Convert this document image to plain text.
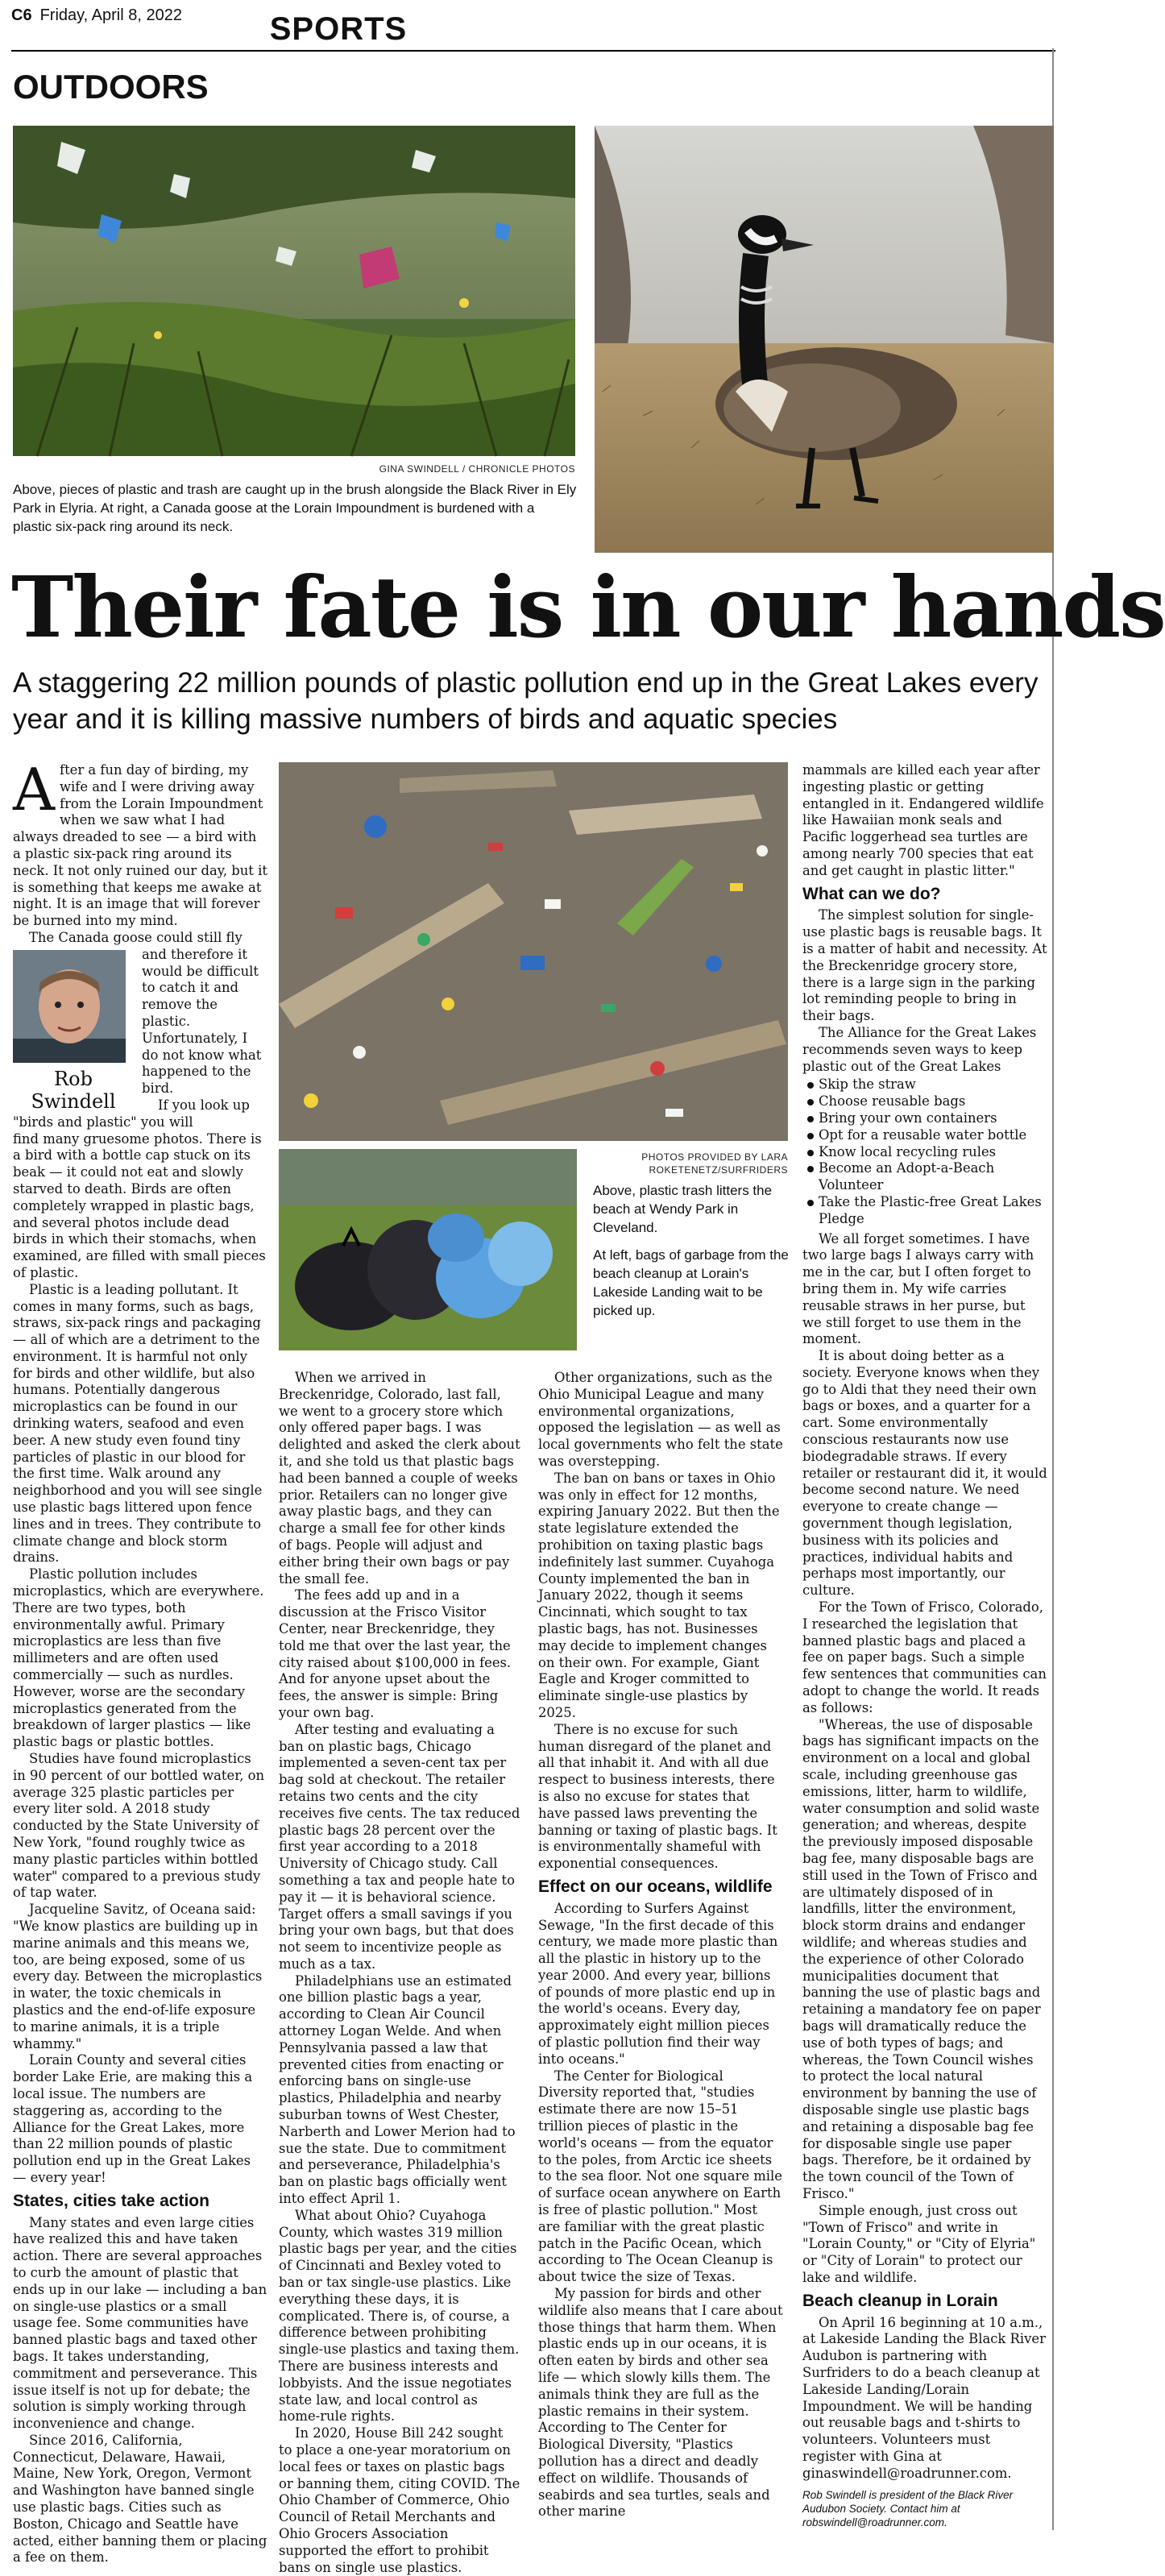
C6 Friday, April 8, 2022	SPORTS
OUTDOORS
GINA SWINDELL / CHRONICLE PHOTOS
Above, pieces of plastic and trash are caught up in the brush alongside the Black River in Ely Park in Elyria. At right, a Canada goose at the Lorain Impoundment is burdened with a plastic six-pack ring around its neck.
Their fate is in our hands
A staggering 22 million pounds of plastic pollution end up in the Great Lakes every year and it is killing massive numbers of birds and aquatic species
PHOTOS PROVIDED BY LARA ROKETENETZ/SURFRIDERS
Above, plastic trash litters the beach at Wendy Park in Cleveland.
At left, bags of garbage from the beach cleanup at Lorain's Lakeside Landing wait to be picked up.

After a fun day of birding, my wife and I were driving away from the Lorain Impoundment when we saw what I had always dreaded to see — a bird with a plastic six-pack ring around its neck. It not only ruined our day, but it is something that keeps me awake at night. It is an image that will forever be burned into my mind.

The Canada goose could still fly

Rob
Swindell

and therefore it would be difficult to catch it and remove the plastic. Unfortunately, I do not know what happened to the bird.

If you look up "birds and plastic" you will

find many gruesome photos. There is a bird with a bottle cap stuck on its beak — it could not eat and slowly starved to death. Birds are often completely wrapped in plastic bags, and several photos include dead birds in which their stomachs, when examined, are filled with small pieces of plastic.

Plastic is a leading pollutant. It comes in many forms, such as bags, straws, six-pack rings and packaging — all of which are a detriment to the environment. It is harmful not only for birds and other wildlife, but also humans. Potentially dangerous microplastics can be found in our drinking waters, seafood and even beer. A new study even found tiny particles of plastic in our blood for the first time. Walk around any neighborhood and you will see single use plastic bags littered upon fence lines and in trees. They contribute to climate change and block storm drains.

Plastic pollution includes microplastics, which are everywhere. There are two types, both environmentally awful. Primary microplastics are less than five millimeters and are often used commercially — such as nurdles. However, worse are the secondary microplastics generated from the breakdown of larger plastics — like plastic bags or plastic bottles.

Studies have found microplastics in 90 percent of our bottled water, on average 325 plastic particles per every liter sold. A 2018 study conducted by the State University of New York, "found roughly twice as many plastic particles within bottled water" compared to a previous study of tap water.

Jacqueline Savitz, of Oceana said: "We know plastics are building up in marine animals and this means we, too, are being exposed, some of us every day. Between the microplastics in water, the toxic chemicals in plastics and the end-of-life exposure to marine animals, it is a triple whammy."

Lorain County and several cities border Lake Erie, are making this a local issue. The numbers are staggering as, according to the Alliance for the Great Lakes, more than 22 million pounds of plastic pollution end up in the Great Lakes — every year!

States, cities take action

Many states and even large cities have realized this and have taken action. There are several approaches to curb the amount of plastic that ends up in our lake — including a ban on single-use plastics or a small usage fee. Some communities have banned plastic bags and taxed other bags. It takes understanding, commitment and perseverance. This issue itself is not up for debate; the solution is simply working through inconvenience and change.

Since 2016, California, Connecticut, Delaware, Hawaii, Maine, New York, Oregon, Vermont and Washington have banned single use plastic bags. Cities such as Boston, Chicago and Seattle have acted, either banning them or placing a fee on them.

When we arrived in Breckenridge, Colorado, last fall, we went to a grocery store which only offered paper bags. I was delighted and asked the clerk about it, and she told us that plastic bags had been banned a couple of weeks prior. Retailers can no longer give away plastic bags, and they can charge a small fee for other kinds of bags. People will adjust and either bring their own bags or pay the small fee.

The fees add up and in a discussion at the Frisco Visitor Center, near Breckenridge, they told me that over the last year, the city raised about $100,000 in fees. And for anyone upset about the fees, the answer is simple: Bring your own bag.

After testing and evaluating a ban on plastic bags, Chicago implemented a seven-cent tax per bag sold at checkout. The retailer retains two cents and the city receives five cents. The tax reduced plastic bags 28 percent over the first year according to a 2018 University of Chicago study. Call something a tax and people hate to pay it — it is behavioral science. Target offers a small savings if you bring your own bags, but that does not seem to incentivize people as much as a tax.

Philadelphians use an estimated one billion plastic bags a year, according to Clean Air Council attorney Logan Welde. And when Pennsylvania passed a law that prevented cities from enacting or enforcing bans on single-use plastics, Philadelphia and nearby suburban towns of West Chester, Narberth and Lower Merion had to sue the state. Due to commitment and perseverance, Philadelphia's ban on plastic bags officially went into effect April 1.

What about Ohio? Cuyahoga County, which wastes 319 million plastic bags per year, and the cities of Cincinnati and Bexley voted to ban or tax single-use plastics. Like everything these days, it is complicated. There is, of course, a difference between prohibiting single-use plastics and taxing them. There are business interests and lobbyists. And the issue negotiates state law, and local control as home-rule rights.

In 2020, House Bill 242 sought to place a one-year moratorium on local fees or taxes on plastic bags or banning them, citing COVID. The Ohio Chamber of Commerce, Ohio Council of Retail Merchants and Ohio Grocers Association supported the effort to prohibit bans on single use plastics.

Other organizations, such as the Ohio Municipal League and many environmental organizations, opposed the legislation — as well as local governments who felt the state was overstepping.

The ban on bans or taxes in Ohio was only in effect for 12 months, expiring January 2022. But then the state legislature extended the prohibition on taxing plastic bags indefinitely last summer. Cuyahoga County implemented the ban in January 2022, though it seems Cincinnati, which sought to tax plastic bags, has not. Businesses may decide to implement changes on their own. For example, Giant Eagle and Kroger committed to eliminate single-use plastics by 2025.

There is no excuse for such human disregard of the planet and all that inhabit it. And with all due respect to business interests, there is also no excuse for states that have passed laws preventing the banning or taxing of plastic bags. It is environmentally shameful with exponential consequences.

Effect on our oceans, wildlife

According to Surfers Against Sewage, "In the first decade of this century, we made more plastic than all the plastic in history up to the year 2000. And every year, billions of pounds of more plastic end up in the world's oceans. Every day, approximately eight million pieces of plastic pollution find their way into oceans."

The Center for Biological Diversity reported that, "studies estimate there are now 15–51 trillion pieces of plastic in the world's oceans — from the equator to the poles, from Arctic ice sheets to the sea floor. Not one square mile of surface ocean anywhere on Earth is free of plastic pollution." Most are familiar with the great plastic patch in the Pacific Ocean, which according to The Ocean Cleanup is about twice the size of Texas.

My passion for birds and other wildlife also means that I care about those things that harm them. When plastic ends up in our oceans, it is often eaten by birds and other sea life — which slowly kills them. The animals think they are full as the plastic remains in their system. According to The Center for Biological Diversity, "Plastics pollution has a direct and deadly effect on wildlife. Thousands of seabirds and sea turtles, seals and other marine

mammals are killed each year after ingesting plastic or getting entangled in it. Endangered wildlife like Hawaiian monk seals and Pacific loggerhead sea turtles are among nearly 700 species that eat and get caught in plastic litter."

What can we do?

The simplest solution for single-use plastic bags is reusable bags. It is a matter of habit and necessity. At the Breckenridge grocery store, there is a large sign in the parking lot reminding people to bring in their bags.

The Alliance for the Great Lakes recommends seven ways to keep plastic out of the Great Lakes

Skip the straw
Choose reusable bags
Bring your own containers
Opt for a reusable water bottle
Know local recycling rules
Become an Adopt-a-Beach Volunteer
Take the Plastic-free Great Lakes Pledge

We all forget sometimes. I have two large bags I always carry with me in the car, but I often forget to bring them in. My wife carries reusable straws in her purse, but we still forget to use them in the moment.

It is about doing better as a society. Everyone knows when they go to Aldi that they need their own bags or boxes, and a quarter for a cart. Some environmentally conscious restaurants now use biodegradable straws. If every retailer or restaurant did it, it would become second nature. We need everyone to create change — government though legislation, business with its policies and practices, individual habits and perhaps most importantly, our culture.

For the Town of Frisco, Colorado, I researched the legislation that banned plastic bags and placed a fee on paper bags. Such a simple few sentences that communities can adopt to change the world. It reads as follows:

"Whereas, the use of disposable bags has significant impacts on the environment on a local and global scale, including greenhouse gas emissions, litter, harm to wildlife, water consumption and solid waste generation; and whereas, despite the previously imposed disposable bag fee, many disposable bags are still used in the Town of Frisco and are ultimately disposed of in landfills, litter the environment, block storm drains and endanger wildlife; and whereas studies and the experience of other Colorado municipalities document that banning the use of plastic bags and retaining a mandatory fee on paper bags will dramatically reduce the use of both types of bags; and whereas, the Town Council wishes to protect the local natural environment by banning the use of disposable single use plastic bags and retaining a disposable bag fee for disposable single use paper bags. Therefore, be it ordained by the town council of the Town of Frisco."

Simple enough, just cross out "Town of Frisco" and write in "Lorain County," or "City of Elyria" or "City of Lorain" to protect our lake and wildlife.

Beach cleanup in Lorain

On April 16 beginning at 10 a.m., at Lakeside Landing the Black River Audubon is partnering with Surfriders to do a beach cleanup at Lakeside Landing/Lorain Impoundment. We will be handing out reusable bags and t-shirts to volunteers. Volunteers must register with Gina at ginaswindell@roadrunner.com.

Rob Swindell is president of the Black River Audubon Society. Contact him at robswindell@roadrunner.com.
